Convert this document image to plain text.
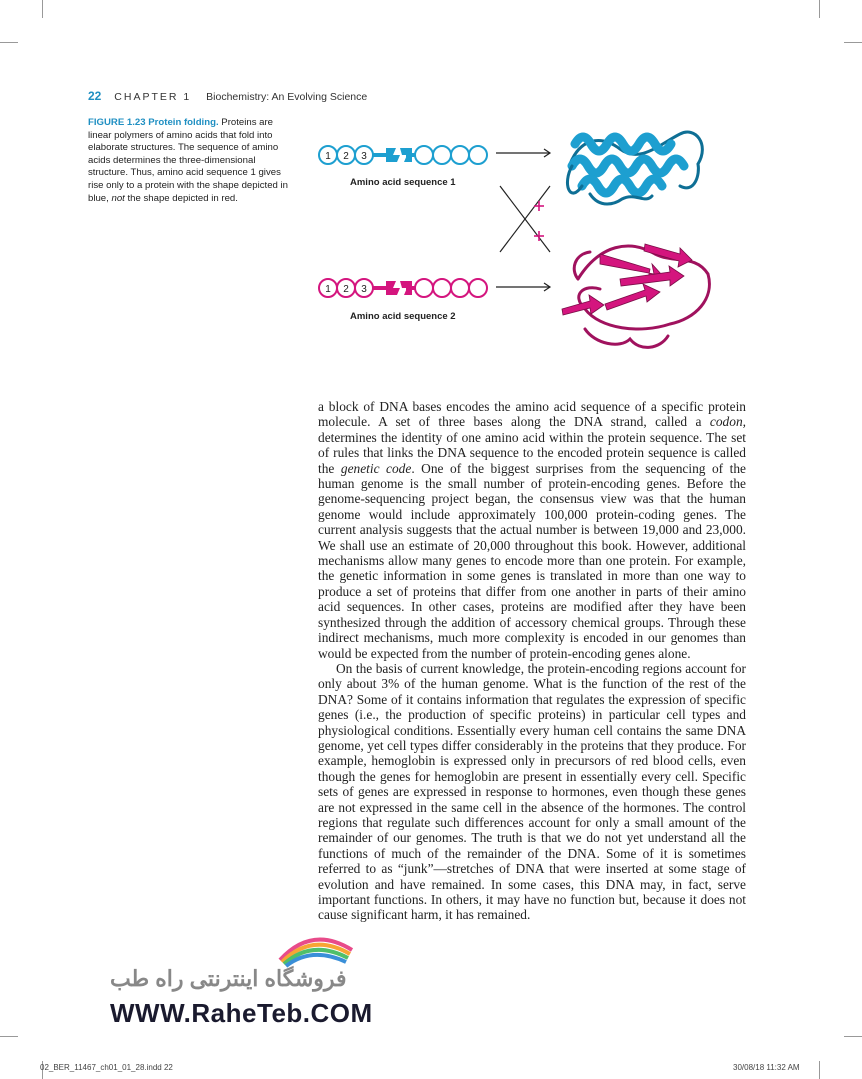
22 CHAPTER 1 Biochemistry: An Evolving Science
FIGURE 1.23 Protein folding. Proteins are linear polymers of amino acids that fold into elaborate structures. The sequence of amino acids determines the three-dimensional structure. Thus, amino acid sequence 1 gives rise only to a protein with the shape depicted in blue, not the shape depicted in red.
1 2 3
1 2 3
Amino acid sequence 1
Amino acid sequence 2

a block of DNA bases encodes the amino acid sequence of a specific protein molecule. A set of three bases along the DNA strand, called a codon, determines the identity of one amino acid within the protein sequence. The set of rules that links the DNA sequence to the encoded protein sequence is called the genetic code. One of the biggest surprises from the sequencing of the human genome is the small number of protein-encoding genes. Before the genome-sequencing project began, the consensus view was that the human genome would include approximately 100,000 protein-coding genes. The current analysis suggests that the actual number is between 19,000 and 23,000. We shall use an estimate of 20,000 throughout this book. However, additional mechanisms allow many genes to encode more than one protein. For example, the genetic information in some genes is translated in more than one way to produce a set of proteins that differ from one another in parts of their amino acid sequences. In other cases, proteins are modified after they have been synthesized through the addition of accessory chemical groups. Through these indirect mechanisms, much more complexity is encoded in our genomes than would be expected from the number of protein-encoding genes alone.

On the basis of current knowledge, the protein-encoding regions account for only about 3% of the human genome. What is the function of the rest of the DNA? Some of it contains information that regulates the expression of specific genes (i.e., the production of specific proteins) in particular cell types and physiological conditions. Essentially every human cell contains the same DNA genome, yet cell types differ considerably in the proteins that they produce. For example, hemoglobin is expressed only in precursors of red blood cells, even though the genes for hemoglobin are present in essentially every cell. Specific sets of genes are expressed in response to hormones, even though these genes are not expressed in the same cell in the absence of the hormones. The control regions that regulate such differences account for only a small amount of the remainder of our genomes. The truth is that we do not yet understand all the functions of much of the remainder of the DNA. Some of it is sometimes referred to as “junk”—stretches of DNA that were inserted at some stage of evolution and have remained. In some cases, this DNA may, in fact, serve important functions. In others, it may have no function but, because it does not cause significant harm, it has remained.

فروشگاه اینترنتی راه طب
WWW.RaheTeb.COM
02_BER_11467_ch01_01_28.indd 22	30/08/18 11:32 AM
